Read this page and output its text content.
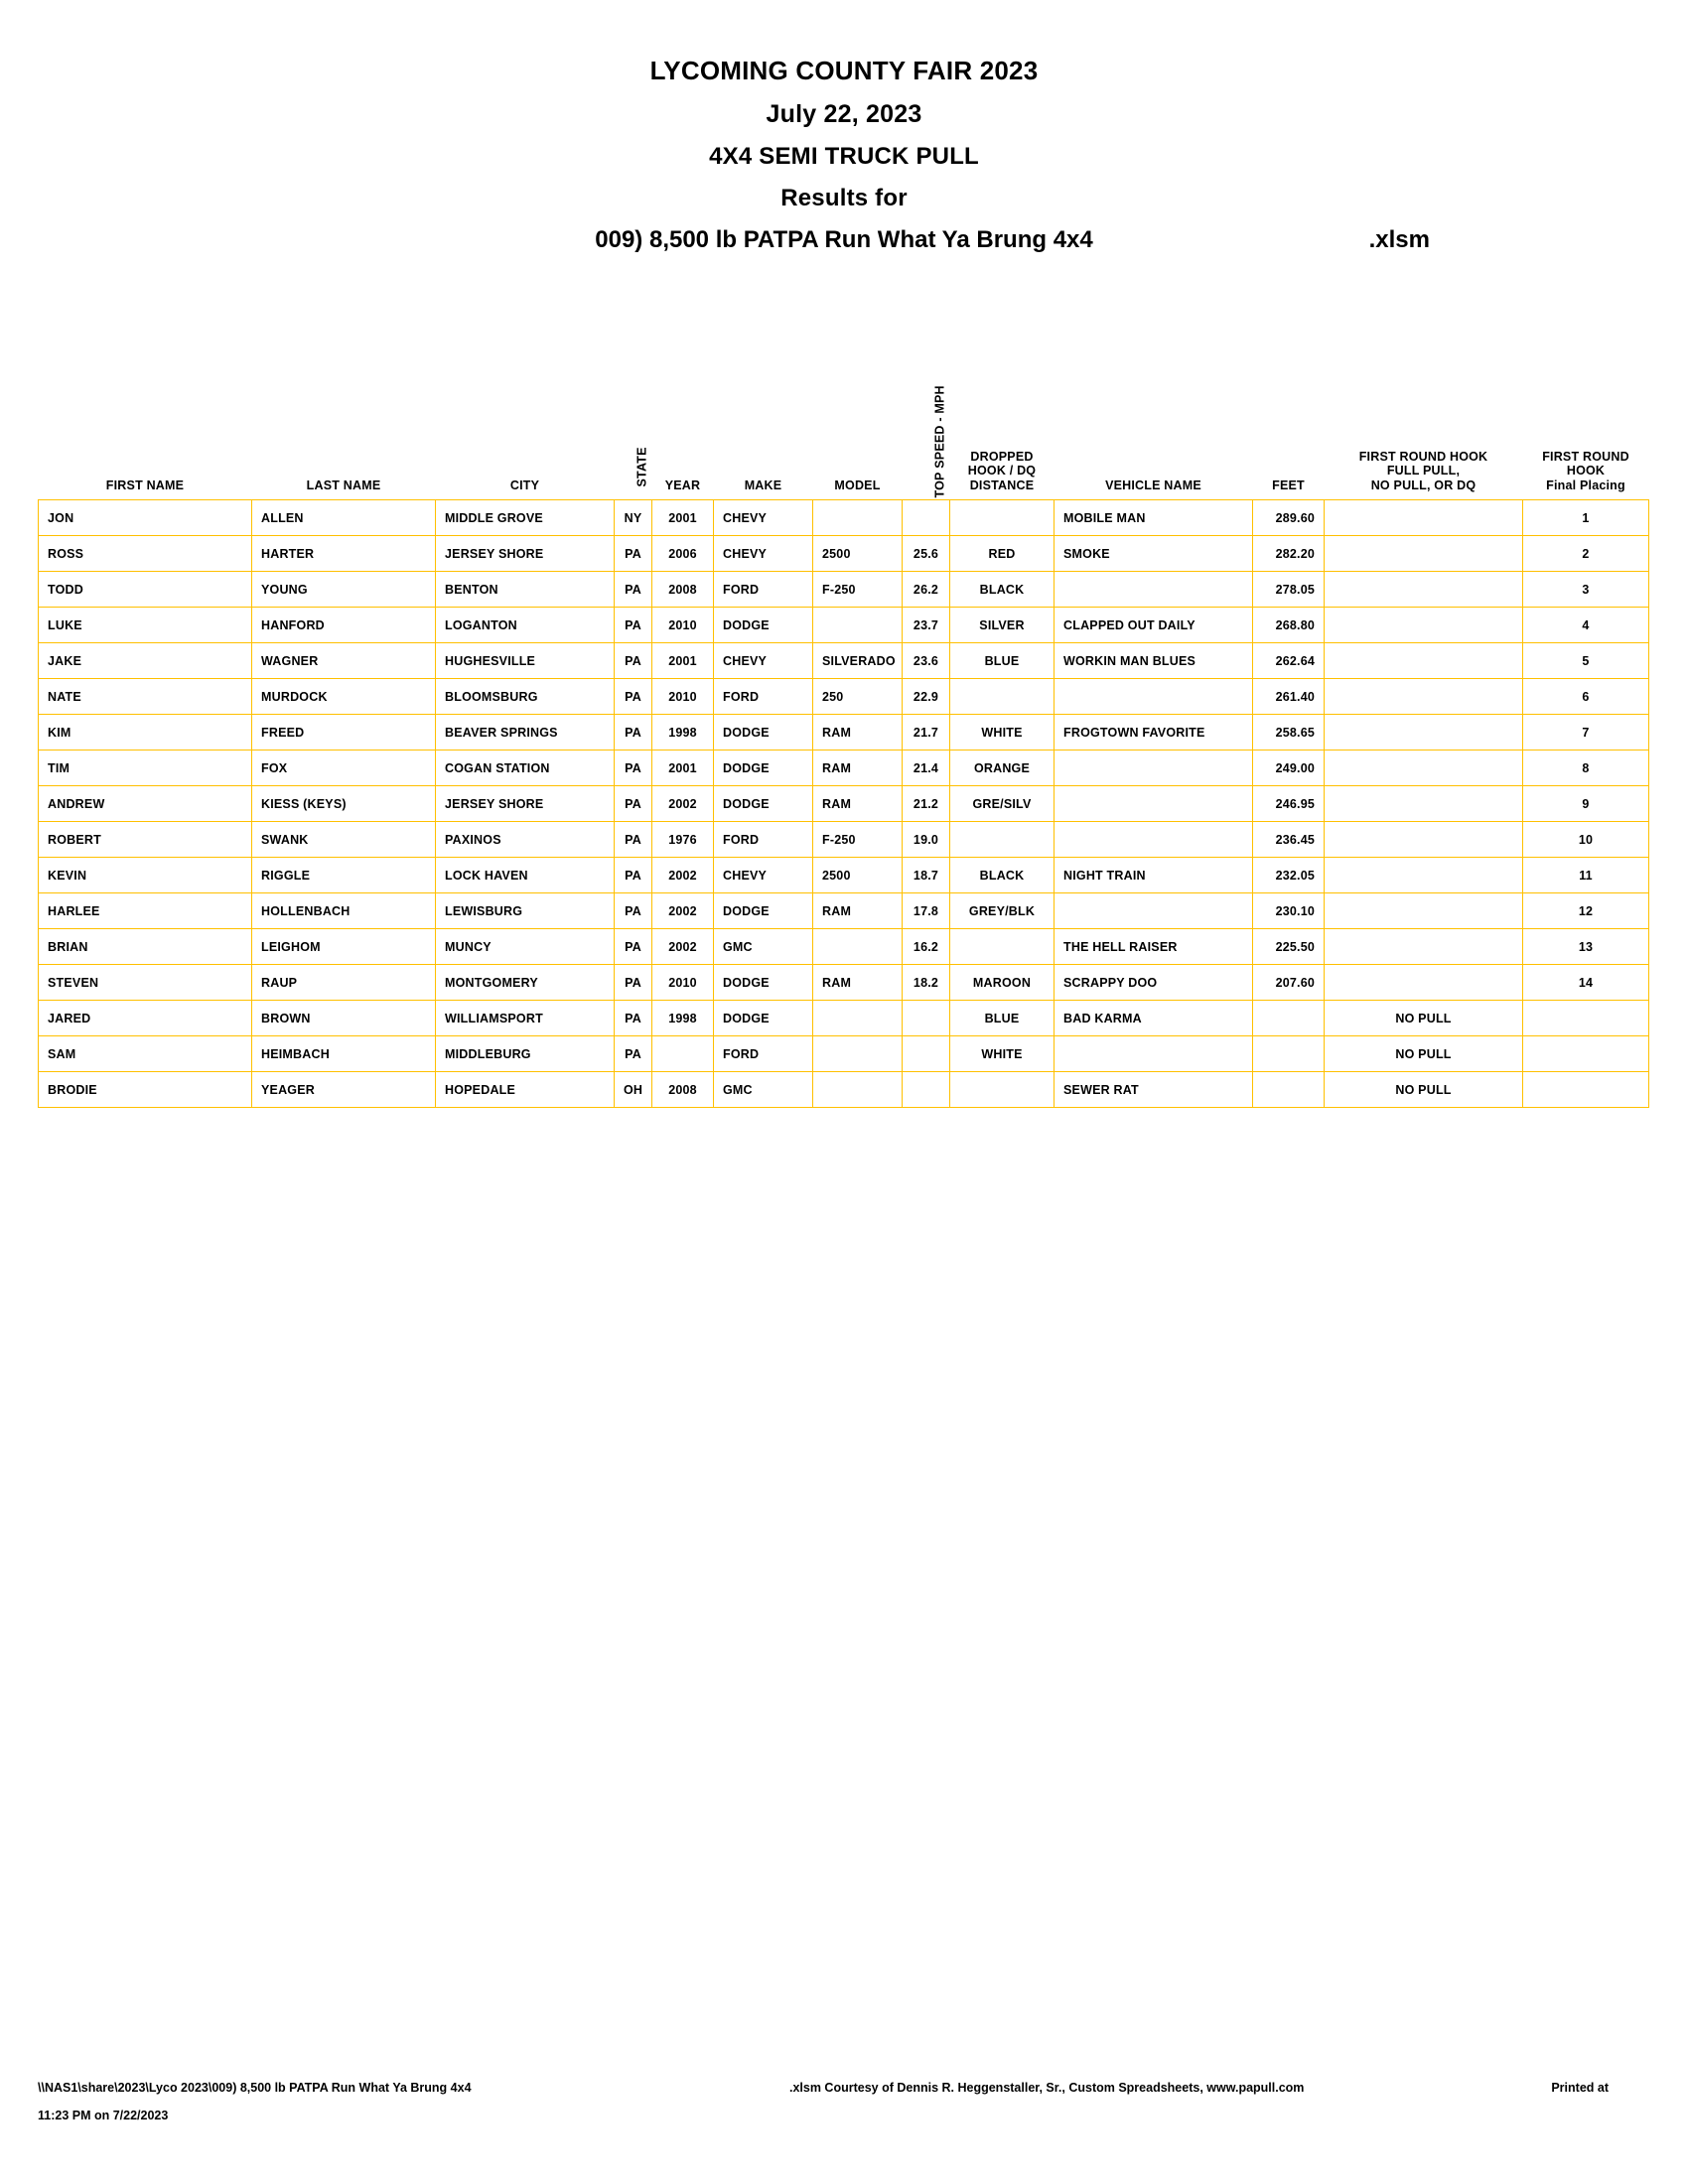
LYCOMING COUNTY FAIR 2023
July 22, 2023
4X4 SEMI TRUCK PULL
Results for
009) 8,500 lb PATPA Run What Ya Brung 4x4	.xlsm
FIRST NAME	LAST NAME	CITY	STATE	YEAR	MAKE	MODEL	TOP SPEED - MPH	
DROPPED
HOOK / DQ
DISTANCE	VEHICLE NAME	FEET	
FIRST ROUND HOOK
FULL PULL,
NO PULL, OR DQ

FIRST ROUND
HOOK
Final Placing

JON	ALLEN	MIDDLE GROVE	NY	2001	CHEVY				MOBILE MAN	289.60		1
ROSS	HARTER	JERSEY SHORE	PA	2006	CHEVY	2500	25.6	RED	SMOKE	282.20		2
TODD	YOUNG	BENTON	PA	2008	FORD	F-250	26.2	BLACK		278.05		3
LUKE	HANFORD	LOGANTON	PA	2010	DODGE		23.7	SILVER	CLAPPED OUT DAILY	268.80		4
JAKE	WAGNER	HUGHESVILLE	PA	2001	CHEVY	SILVERADO	23.6	BLUE	WORKIN MAN BLUES	262.64		5
NATE	MURDOCK	BLOOMSBURG	PA	2010	FORD	250	22.9			261.40		6
KIM	FREED	BEAVER SPRINGS	PA	1998	DODGE	RAM	21.7	WHITE	FROGTOWN FAVORITE	258.65		7
TIM	FOX	COGAN STATION	PA	2001	DODGE	RAM	21.4	ORANGE		249.00		8
ANDREW	KIESS (KEYS)	JERSEY SHORE	PA	2002	DODGE	RAM	21.2	GRE/SILV		246.95		9
ROBERT	SWANK	PAXINOS	PA	1976	FORD	F-250	19.0			236.45		10
KEVIN	RIGGLE	LOCK HAVEN	PA	2002	CHEVY	2500	18.7	BLACK	NIGHT TRAIN	232.05		11
HARLEE	HOLLENBACH	LEWISBURG	PA	2002	DODGE	RAM	17.8	GREY/BLK		230.10		12
BRIAN	LEIGHOM	MUNCY	PA	2002	GMC		16.2		THE HELL RAISER	225.50		13
STEVEN	RAUP	MONTGOMERY	PA	2010	DODGE	RAM	18.2	MAROON	SCRAPPY DOO	207.60		14
JARED	BROWN	WILLIAMSPORT	PA	1998	DODGE			BLUE	BAD KARMA		NO PULL	
SAM	HEIMBACH	MIDDLEBURG	PA		FORD			WHITE			NO PULL	
BRODIE	YEAGER	HOPEDALE	OH	2008	GMC				SEWER RAT		NO PULL	
\\NAS1\share\2023\Lyco 2023\009) 8,500 lb PATPA Run What Ya Brung 4x4	.xlsm Courtesy of Dennis R. Heggenstaller, Sr., Custom Spreadsheets, www.papull.com	Printed at
11:23 PM on 7/22/2023
